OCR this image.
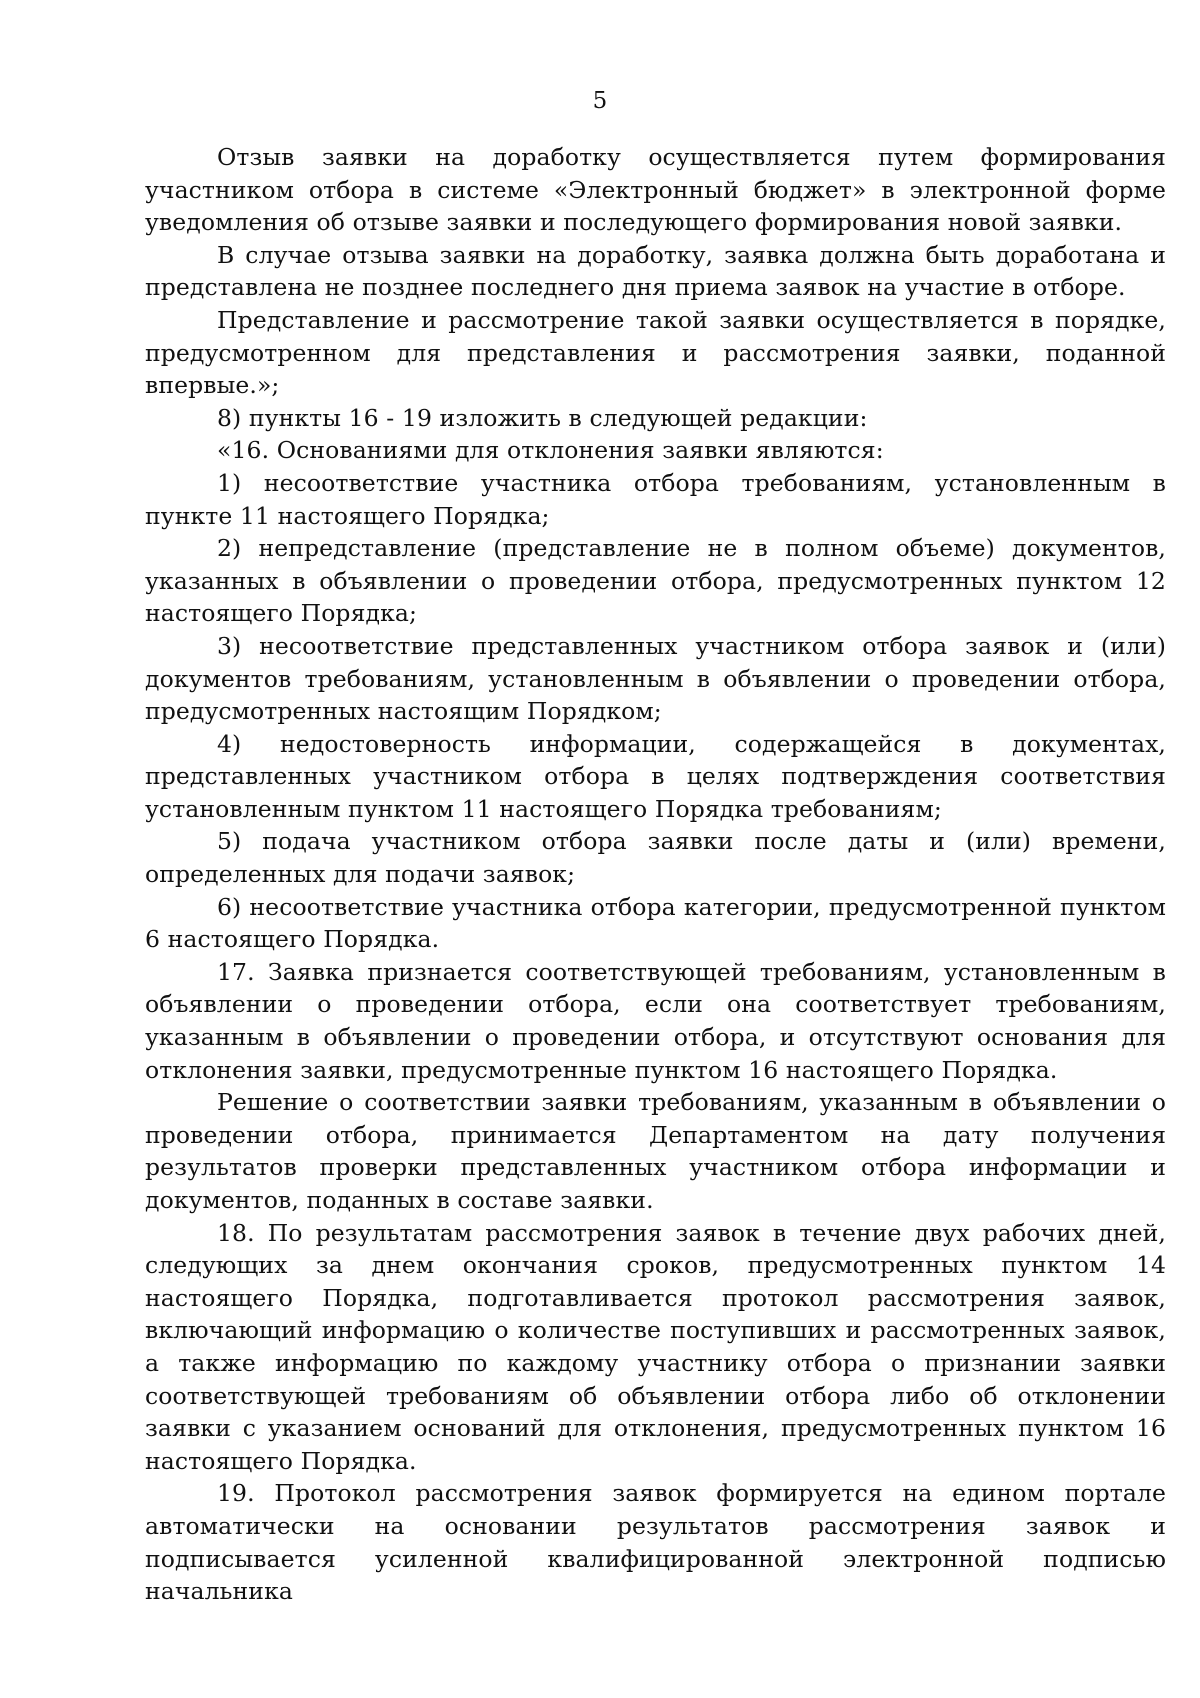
5

Отзыв заявки на доработку осуществляется путем формирования участником отбора в системе «Электронный бюджет» в электронной форме уведомления об отзыве заявки и последующего формирования новой заявки.

В случае отзыва заявки на доработку, заявка должна быть доработана и представлена не позднее последнего дня приема заявок на участие в отборе.

Представление и рассмотрение такой заявки осуществляется в порядке, предусмотренном для представления и рассмотрения заявки, поданной впервые.»;

8) пункты 16 - 19 изложить в следующей редакции:

«16. Основаниями для отклонения заявки являются:

1) несоответствие участника отбора требованиям, установленным в пункте 11 настоящего Порядка;

2) непредставление (представление не в полном объеме) документов, указанных в объявлении о проведении отбора, предусмотренных пунктом 12 настоящего Порядка;

3) несоответствие представленных участником отбора заявок и (или) документов требованиям, установленным в объявлении о проведении отбора, предусмотренных настоящим Порядком;

4) недостоверность информации, содержащейся в документах, представленных участником отбора в целях подтверждения соответствия установленным пунктом 11 настоящего Порядка требованиям;

5) подача участником отбора заявки после даты и (или) времени, определенных для подачи заявок;

6) несоответствие участника отбора категории, предусмотренной пунктом 6 настоящего Порядка.

17. Заявка признается соответствующей требованиям, установленным в объявлении о проведении отбора, если она соответствует требованиям, указанным в объявлении о проведении отбора, и отсутствуют основания для отклонения заявки, предусмотренные пунктом 16 настоящего Порядка.

Решение о соответствии заявки требованиям, указанным в объявлении о проведении отбора, принимается Департаментом на дату получения результатов проверки представленных участником отбора информации и документов, поданных в составе заявки.

18. По результатам рассмотрения заявок в течение двух рабочих дней, следующих за днем окончания сроков, предусмотренных пунктом 14 настоящего Порядка, подготавливается протокол рассмотрения заявок, включающий информацию о количестве поступивших и рассмотренных заявок, а также информацию по каждому участнику отбора о признании заявки соответствующей требованиям об объявлении отбора либо об отклонении заявки с указанием оснований для отклонения, предусмотренных пунктом 16 настоящего Порядка.

19. Протокол рассмотрения заявок формируется на едином портале автоматически на основании результатов рассмотрения заявок и подписывается усиленной квалифицированной электронной подписью начальника
